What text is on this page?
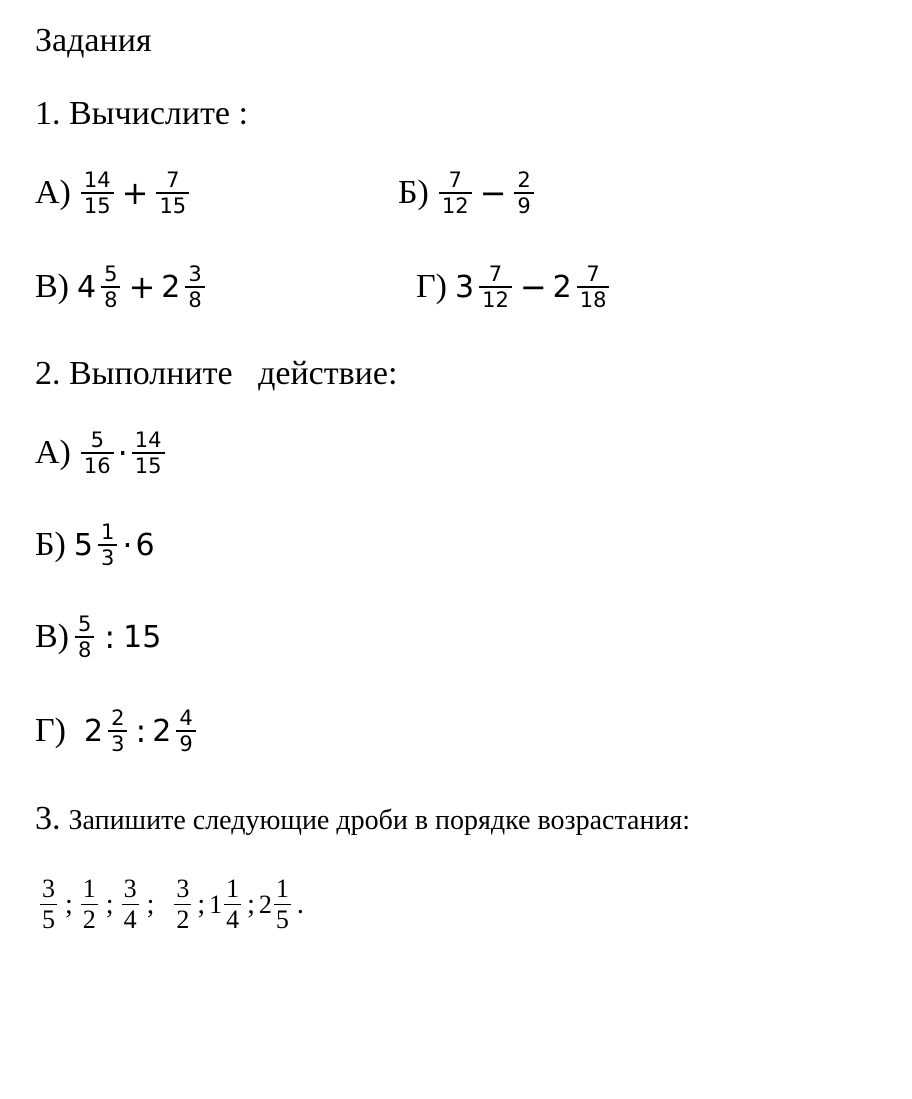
Задания
1. Вычислите :
$А) \frac{14}{15} + \frac{7}{15}$	$Б) \frac{7}{12} - \frac{2}{9}$
В) $4 \frac{5}{8} + 2 \frac{3}{8}$	Г) $3 \frac{7}{12} - 2 \frac{7}{18}$
2. Выполните   действие:
$А) \frac{5}{16} \cdot \frac{14}{15}$
Б) $5 \frac{1}{3} \cdot 6$
$В) \frac{5}{8}$ : 15
Г) $2 \frac{2}{3}$ : $2 \frac{4}{9}$
3. Запишите следующие дроби в порядке возрастания:
$\frac{3}{5}$ ; $\frac{1}{2}$ ; $\frac{3}{4}$ ; $\frac{3}{2}$ ; $1 \frac{1}{4}$ ; $2 \frac{1}{5}$ .
